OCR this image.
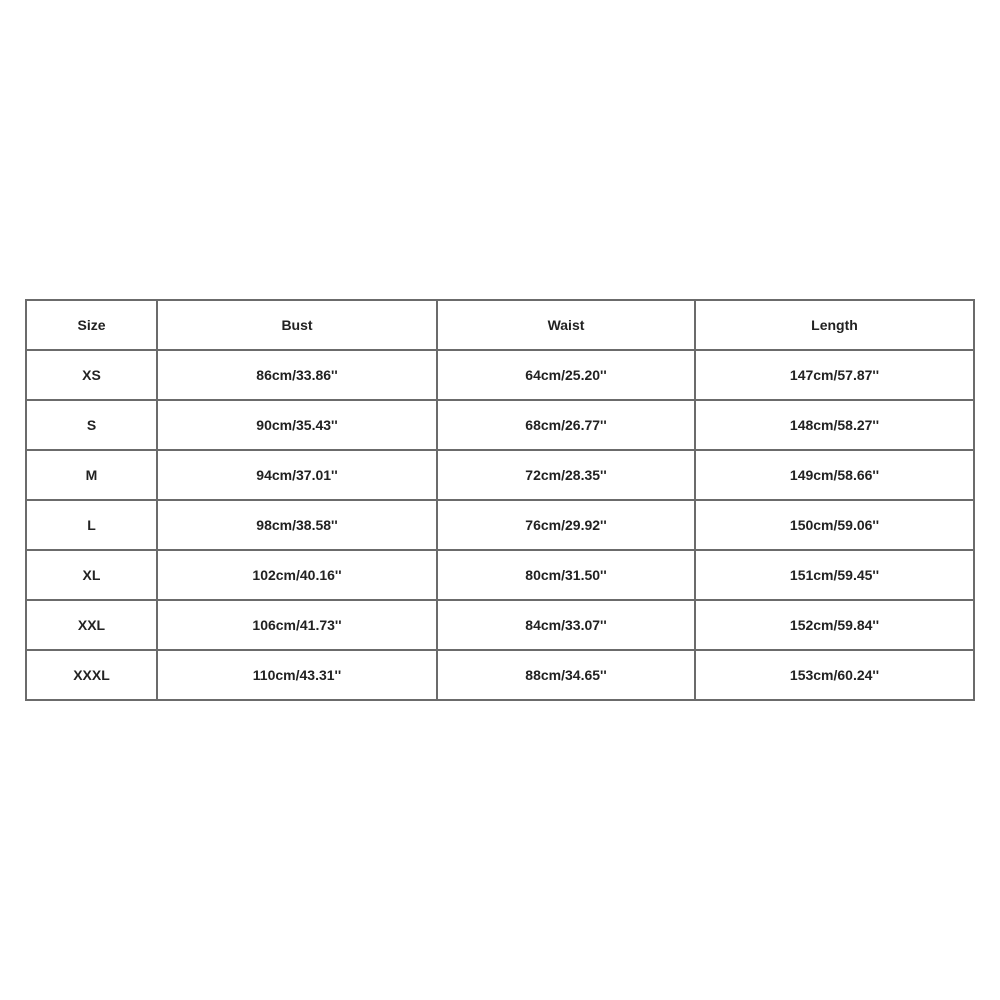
Size	Bust	Waist	Length
XS	86cm/33.86''	64cm/25.20''	147cm/57.87''
S	90cm/35.43''	68cm/26.77''	148cm/58.27''
M	94cm/37.01''	72cm/28.35''	149cm/58.66''
L	98cm/38.58''	76cm/29.92''	150cm/59.06''
XL	102cm/40.16''	80cm/31.50''	151cm/59.45''
XXL	106cm/41.73''	84cm/33.07''	152cm/59.84''
XXXL	110cm/43.31''	88cm/34.65''	153cm/60.24''
